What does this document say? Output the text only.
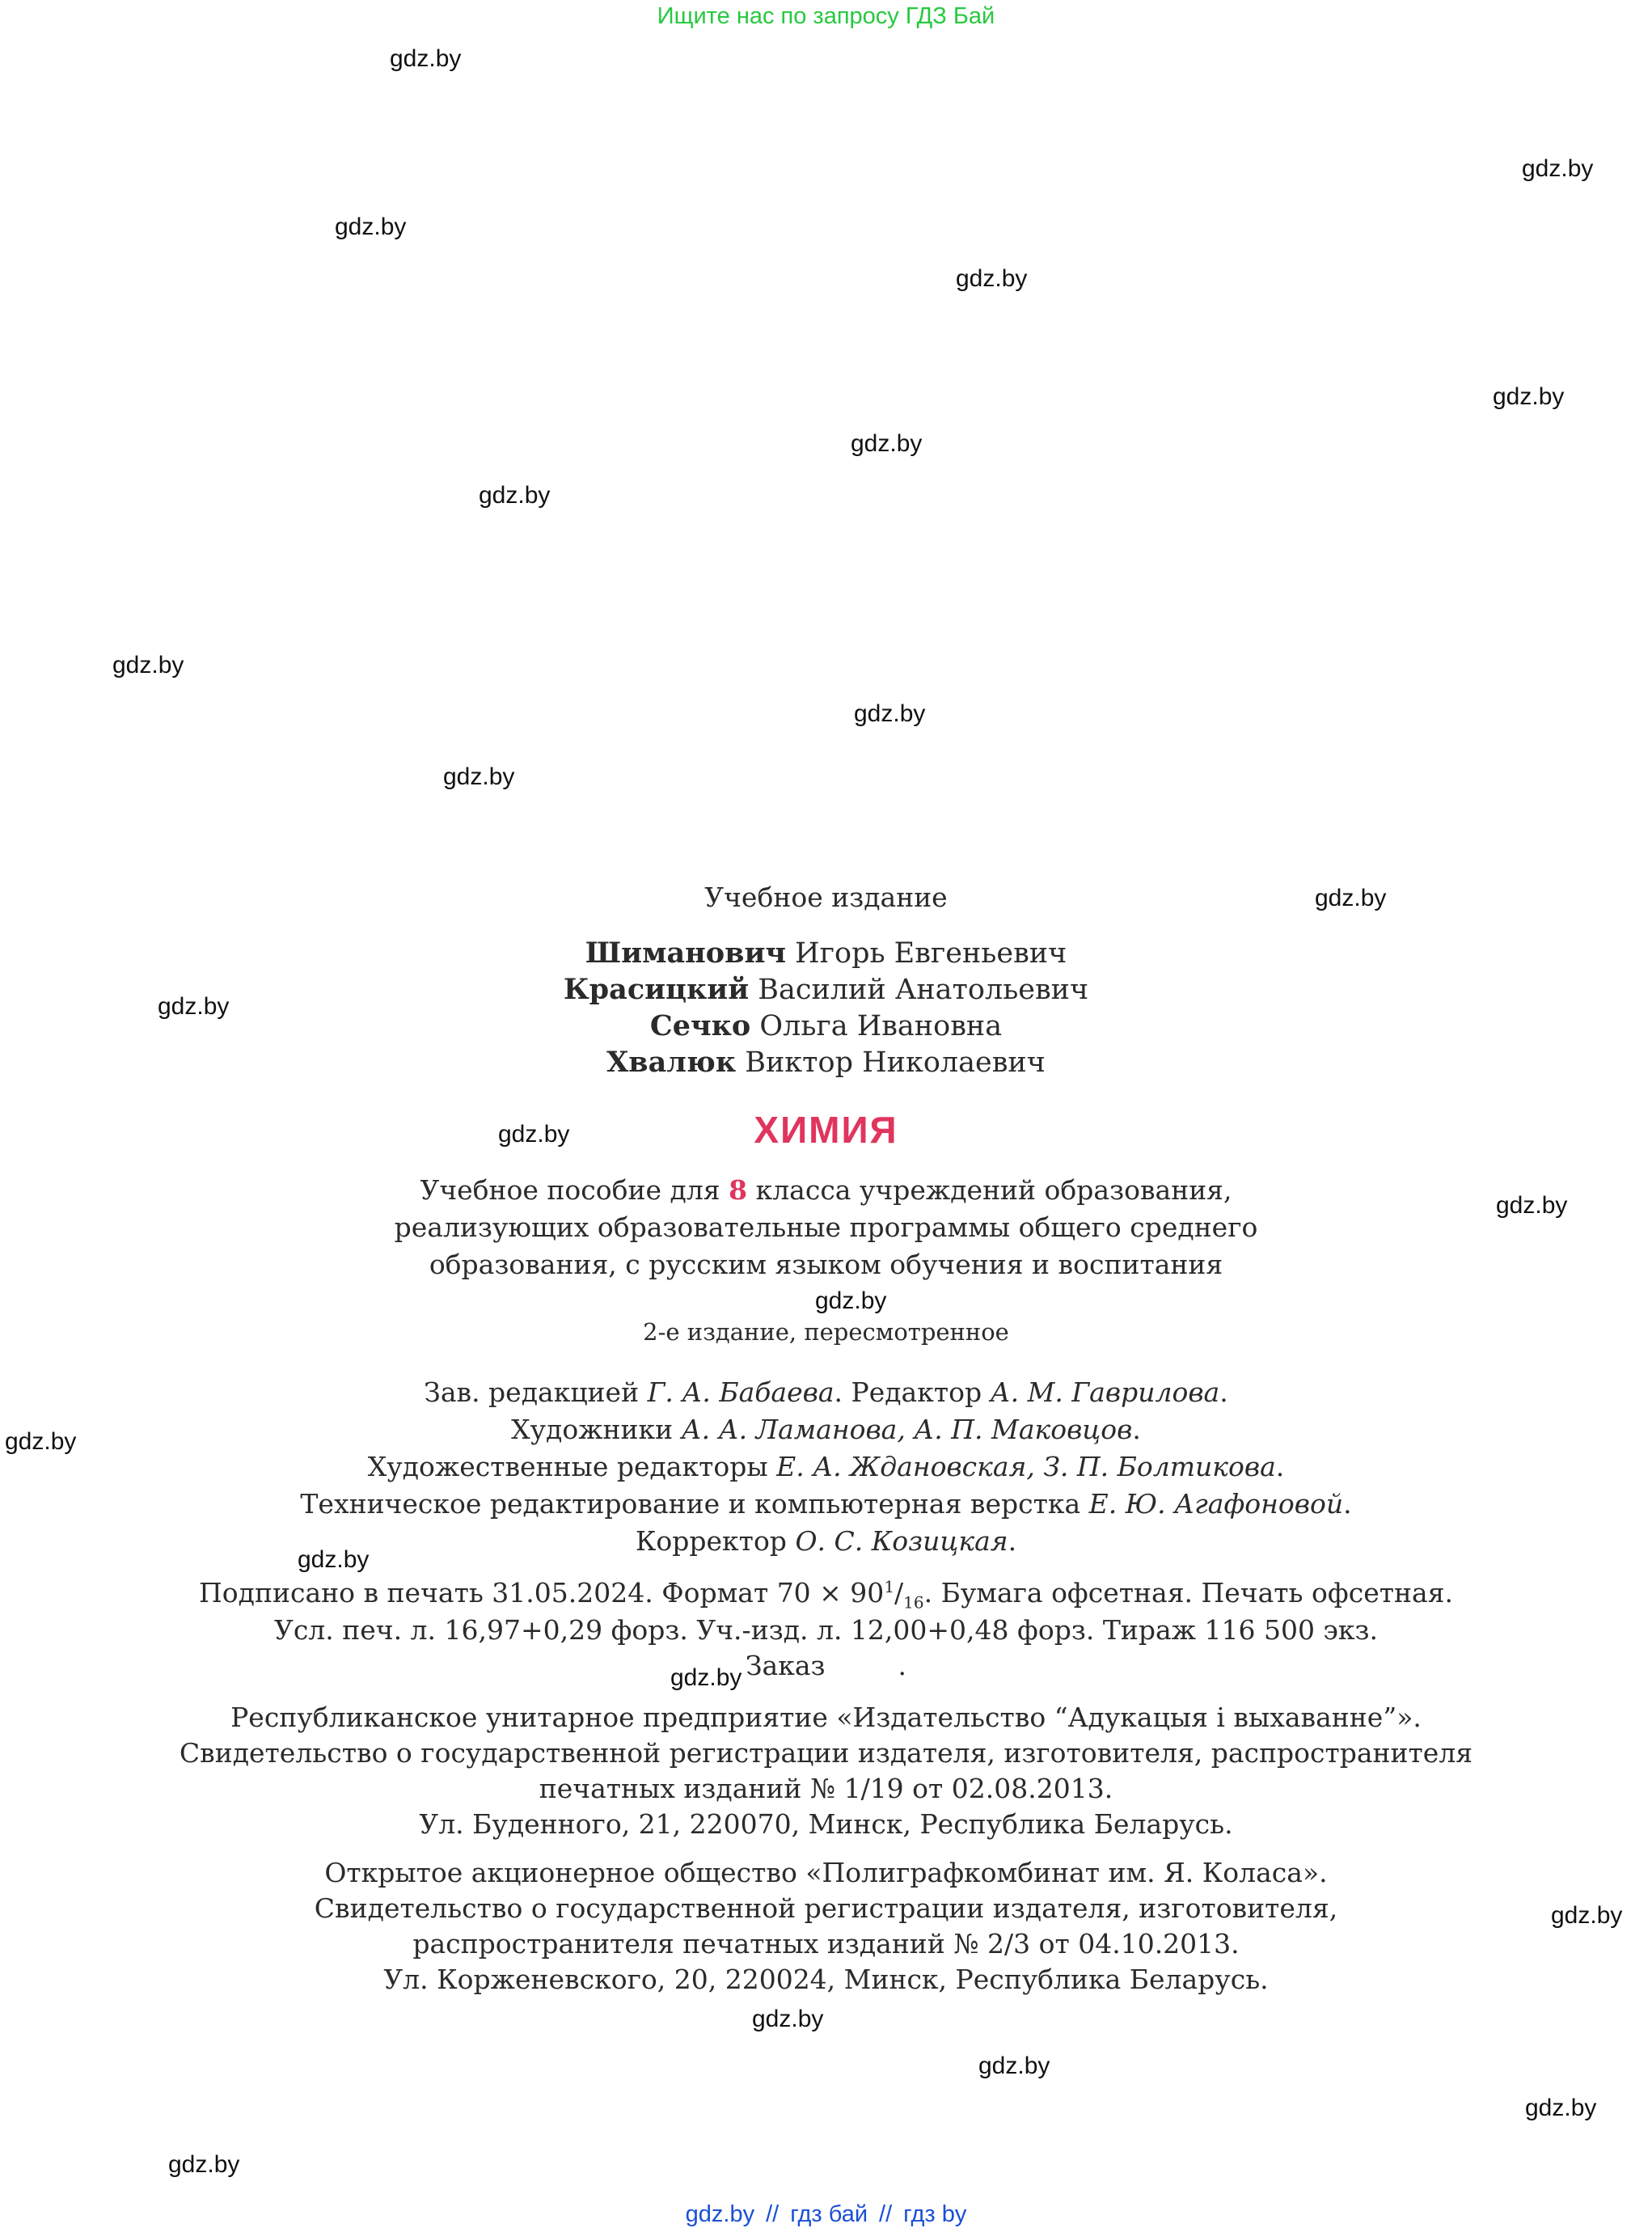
Ищите нас по запросу ГДЗ Бай
gdz.by
gdz.by
gdz.by
gdz.by
gdz.by
gdz.by
gdz.by
gdz.by
gdz.by
gdz.by
gdz.by
gdz.by
gdz.by
gdz.by
gdz.by
gdz.by
gdz.by
gdz.by
gdz.by
gdz.by
gdz.by
gdz.by
gdz.by
Учебное издание
Шиманович Игорь Евгеньевич
Красицкий Василий Анатольевич
Сечко Ольга Ивановна
Хвалюк Виктор Николаевич
ХИМИЯ
Учебное пособие для 8 класса учреждений образования,
реализующих образовательные программы общего среднего
образования, с русским языком обучения и воспитания
2-е издание, пересмотренное
Зав. редакцией Г. А. Бабаева. Редактор А. М. Гаврилова.
Художники А. А. Ламанова, А. П. Маковцов.
Художественные редакторы Е. А. Ждановская, З. П. Болтикова.
Техническое редактирование и компьютерная верстка Е. Ю. Агафоновой.
Корректор О. С. Козицкая.
Подписано в печать 31.05.2024. Формат $70 \times 90^1/_{16}$. Бумага офсетная. Печать офсетная.
Усл. печ. л. 16,97+0,29 форз. Уч.-изд. л. 12,00+0,48 форз. Тираж 116 500 экз.
Заказ	.
Республиканское унитарное предприятие «Издательство “Адукацыя і выхаванне”».
Свидетельство о государственной регистрации издателя, изготовителя, распространителя
печатных изданий № 1/19 от 02.08.2013.
Ул. Буденного, 21, 220070, Минск, Республика Беларусь.
Открытое акционерное общество «Полиграфкомбинат им. Я. Коласа».
Свидетельство о государственной регистрации издателя, изготовителя,
распространителя печатных изданий № 2/3 от 04.10.2013.
Ул. Корженевского, 20, 220024, Минск, Республика Беларусь.
gdz.by // гдз бай // гдз by
